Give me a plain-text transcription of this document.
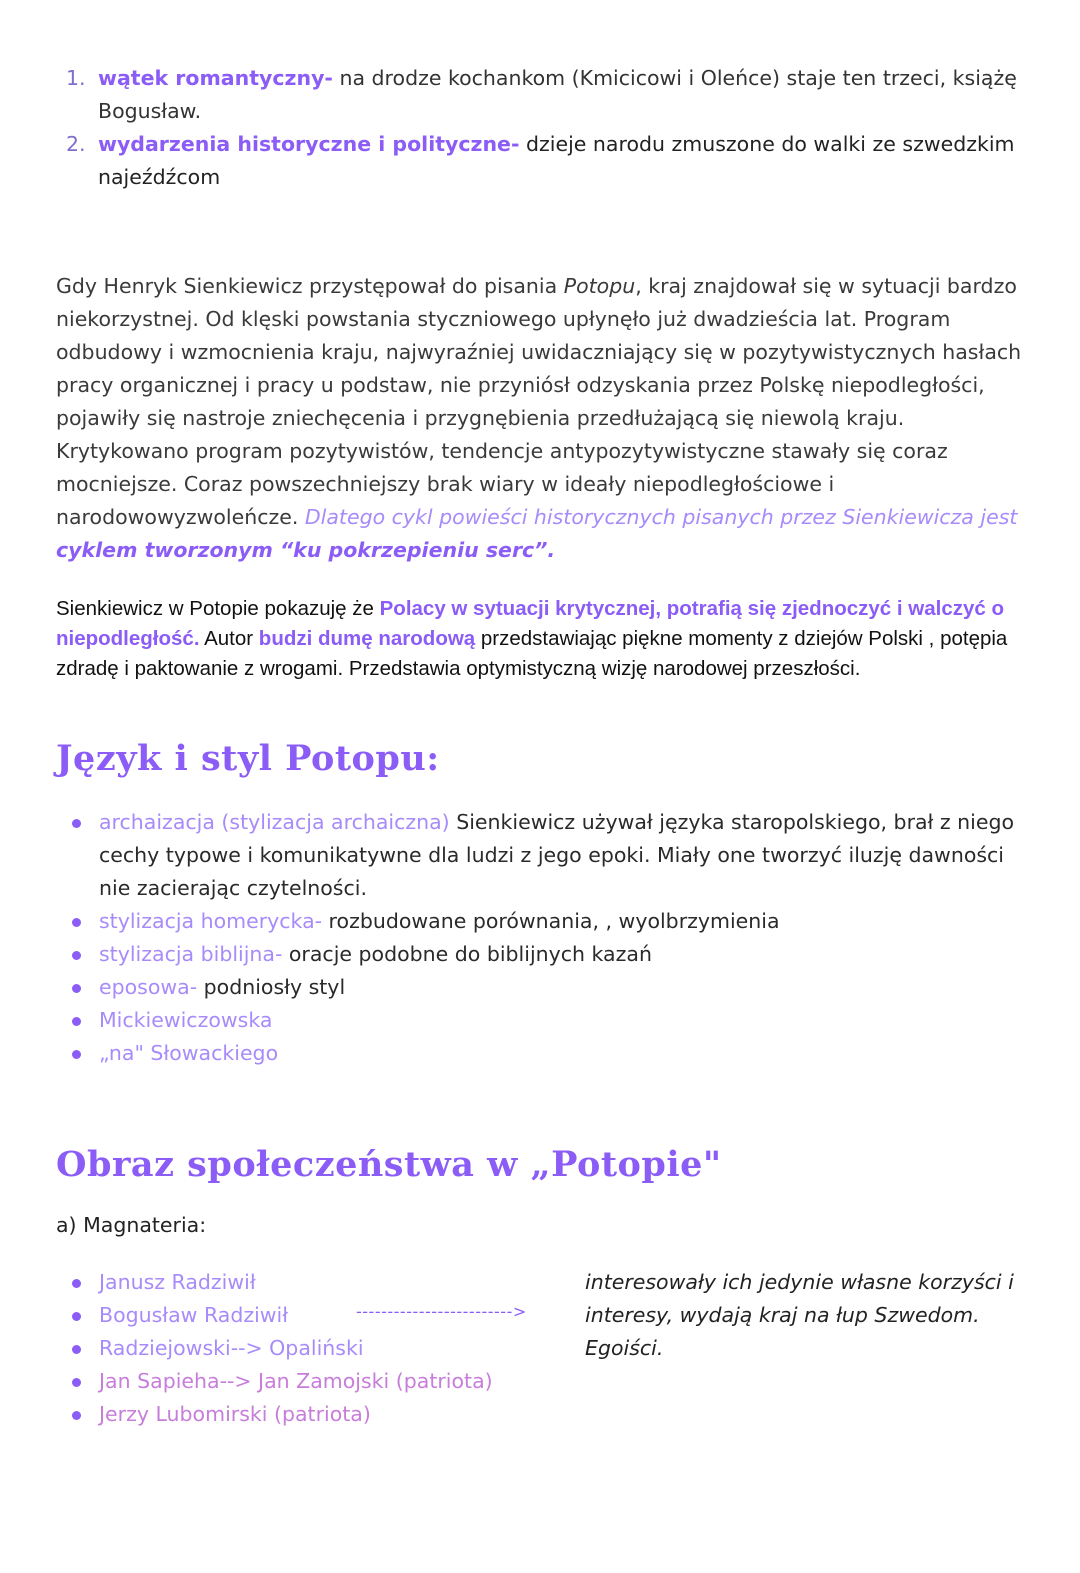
1. wątek romantyczny- na drodze kochankom (Kmicicowi i Oleńce) staje ten trzeci, książę Bogusław.
2. wydarzenia historyczne i polityczne- dzieje narodu zmuszone do walki ze szwedzkim najeźdźcom

Gdy Henryk Sienkiewicz przystępował do pisania Potopu, kraj znajdował się w sytuacji bardzo niekorzystnej. Od klęski powstania styczniowego upłynęło już dwadzieścia lat. Program odbudowy i wzmocnienia kraju, najwyraźniej uwidaczniający się w pozytywistycznych hasłach pracy organicznej i pracy u podstaw, nie przyniósł odzyskania przez Polskę niepodległości, pojawiły się nastroje zniechęcenia i przygnębienia przedłużającą się niewolą kraju. Krytykowano program pozytywistów, tendencje antypozytywistyczne stawały się coraz mocniejsze. Coraz powszechniejszy brak wiary w ideały niepodległościowe i narodowowyzwoleńcze. Dlatego cykl powieści historycznych pisanych przez Sienkiewicza jest cyklem tworzonym “ku pokrzepieniu serc”.

Sienkiewicz w Potopie pokazuję że Polacy w sytuacji krytycznej, potrafią się zjednoczyć i walczyć o niepodległość. Autor budzi dumę narodową przedstawiając piękne momenty z dziejów Polski , potępia zdradę i paktowanie z wrogami. Przedstawia optymistyczną wizję narodowej przeszłości.

Język i styl Potopu:
archaizacja (stylizacja archaiczna) Sienkiewicz używał języka staropolskiego, brał z niego cechy typowe i komunikatywne dla ludzi z jego epoki. Miały one tworzyć iluzję dawności nie zacierając czytelności.
stylizacja homerycka- rozbudowane porównania, , wyolbrzymienia
stylizacja biblijna- oracje podobne do biblijnych kazań
eposowa- podniosły styl
Mickiewiczowska
„na" Słowackiego
Obraz społeczeństwa w „Potopie"
a) Magnateria:
Janusz Radziwił
Bogusław Radziwił
Radziejowski--> Opaliński
Jan Sapieha--> Jan Zamojski (patriota)
Jerzy Lubomirski (patriota)
------------------------->
interesowały ich jedynie własne korzyści i interesy, wydają kraj na łup Szwedom. Egoiści.
